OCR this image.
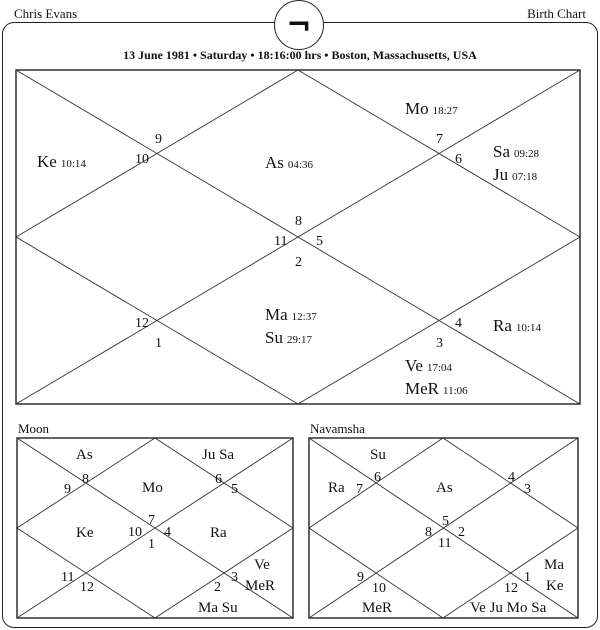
Chris Evans	Birth Chart
¬
13 June 1981 • Saturday • 18:16:00 hrs • Boston, Massachusetts, USA
9
10
7
6
8
11 5
2
12
1
4
3
Mo 18:27
Ke 10:14	As 04:36
Sa 09:28
Ju 07:18
Ma 12:37
Su 29:17
Ra 10:14
Ve 17:04
MeR 11:06
Moon
8
9
6
5
7
10
1
4
11
12
3
2
As	Ju Sa
Mo
Ke	Ra
Ve
MeR
Ma Su
Navamsha
6
7
4
3
5
8
11
2
9
10
1
12
Su
Ra	As
Ma
Ke
MeR	Ve Ju Mo Sa
